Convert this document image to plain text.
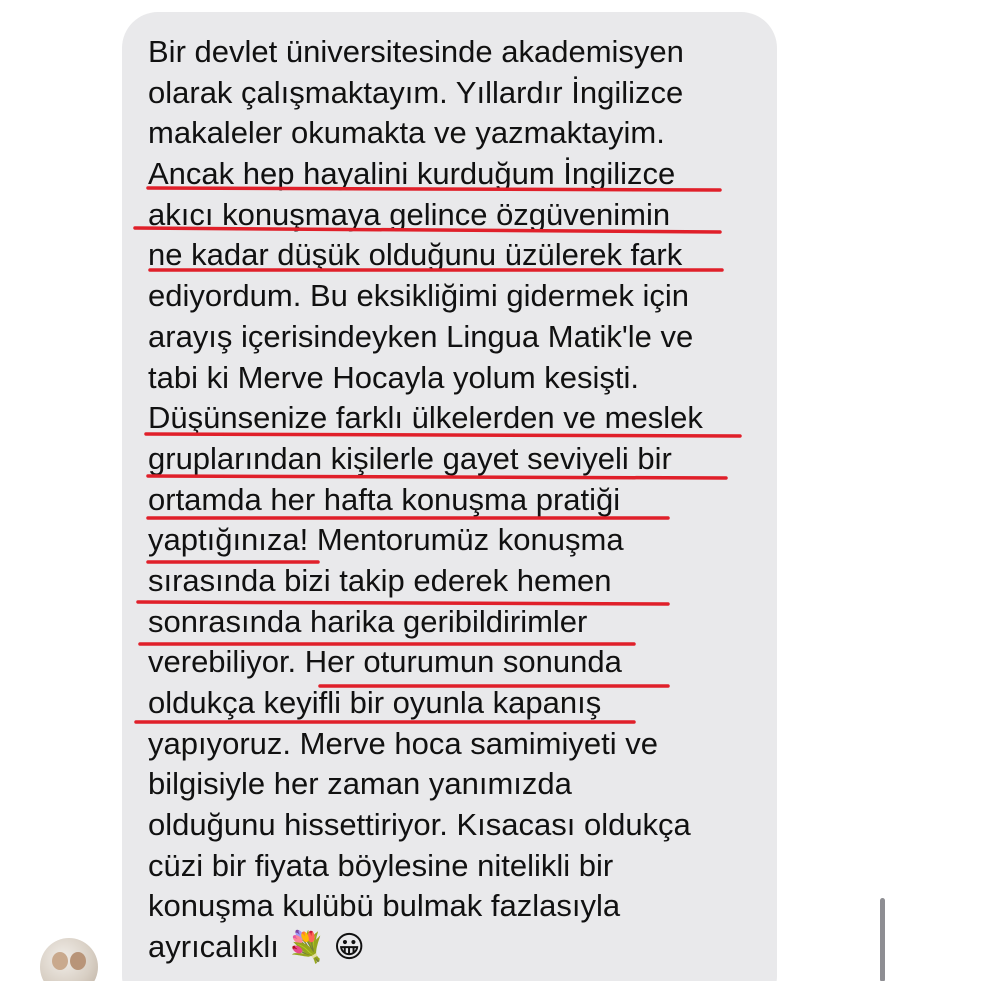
Bir devlet üniversitesinde akademisyen
olarak çalışmaktayım. Yıllardır İngilizce
makaleler okumakta ve yazmaktayim.
Ancak hep hayalini kurduğum İngilizce
akıcı konuşmaya gelince özgüvenimin
ne kadar düşük olduğunu üzülerek fark
ediyordum. Bu eksikliğimi gidermek için
arayış içerisindeyken Lingua Matik'le ve
tabi ki Merve Hocayla yolum kesişti.
Düşünsenize farklı ülkelerden ve meslek
gruplarından kişilerle gayet seviyeli bir
ortamda her hafta konuşma pratiği
yaptığınıza! Mentorumüz konuşma
sırasında bizi takip ederek hemen
sonrasında harika geribildirimler
verebiliyor. Her oturumun sonunda
oldukça keyifli bir oyunla kapanış
yapıyoruz. Merve hoca samimiyeti ve
bilgisiyle her zaman yanımızda
olduğunu hissettiriyor. Kısacası oldukça
cüzi bir fiyata böylesine nitelikli bir
konuşma kulübü bulmak fazlasıyla
ayrıcalıklı 💐 😀
